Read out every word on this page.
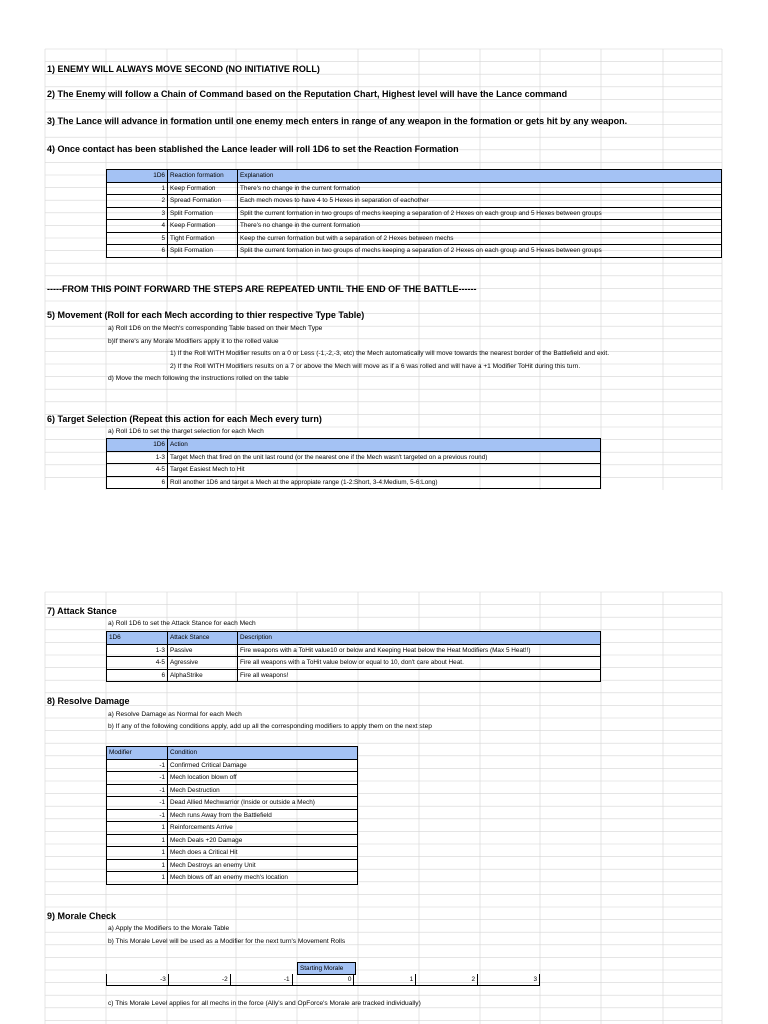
1) ENEMY WILL ALWAYS MOVE SECOND (NO INITIATIVE ROLL)
2) The Enemy will follow a Chain of Command based on the Reputation Chart, Highest level will have the Lance command
3) The Lance will advance in formation until one enemy mech enters in range of any weapon in the formation or gets hit by any weapon.
4) Once contact has been stablished the Lance leader will roll 1D6 to set the Reaction Formation
1D6	Reaction formation	Explanation
1	Keep Formation	There's no change in the current formation
2	Spread Formation	Each mech moves to have 4 to 5 Hexes in separation of eachother
3	Split Formation	Split the current formation in two groups of mechs keeping a separation of 2 Hexes on each group and 5 Hexes between groups
4	Keep Formation	There's no change in the current formation
5	Tight Formation	Keep the curren formation but with a separation of 2 Hexes between mechs
6	Split Formation	Split the current formation in two groups of mechs keeping a separation of 2 Hexes on each group and 5 Hexes between groups
-----FROM THIS POINT FORWARD THE STEPS ARE REPEATED UNTIL THE END OF THE BATTLE------
5) Movement (Roll for each Mech according to thier respective Type Table)
a) Roll 1D6 on the Mech's corresponding Table based on their Mech Type
b)If there's any Morale Modifiers apply it to the rolled value
1) If the Roll WITH Modifier results on a 0 or Less (-1,-2,-3, etc) the Mech automatically will move towards the nearest border of the Battlefield and exit.
2) If the Roll WITH Modifiers results on a 7 or above the Mech will move as if a 6 was rolled and will have a +1 Modifier ToHit during this turn.
d) Move the mech following the instructions rolled on the table
6) Target Selection (Repeat this action for each Mech every turn)
a) Roll 1D6 to set the tharget selection for each Mech
1D6	Action
1-3	Target Mech that fired on the unit last round (or the nearest one if the Mech wasn't targeted on a previous round)
4-5	Target Easiest Mech to Hit
6	Roll another 1D6 and target a Mech at the appropiate range (1-2:Short, 3-4:Medium, 5-6:Long)
7) Attack Stance
a) Roll 1D6 to set the Attack Stance for each Mech
1D6	Attack Stance	Description
1-3	Passive	Fire weapons with a ToHit value10 or below and Keeping Heat below the Heat Modifiers (Max 5 Heat!!)
4-5	Agressive	Fire all weapons with a ToHit value below or equal to 10, don't care about Heat.
6	AlphaStrike	Fire all weapons!
8) Resolve Damage
a) Resolve Damage as Normal for each Mech
b) If any of the following conditions apply, add up all the corresponding modifiers to apply them on the next step
Modifier	Condition
-1	Confirmed Critical Damage
-1	Mech location blown off
-1	Mech Destruction
-1	Dead Allied Mechwarrior (Inside or outside a Mech)
-1	Mech runs Away from the Battlefield
1	Reinforcements Arrive
1	Mech Deals +20 Damage
1	Mech does a Critical Hit
1	Mech Destroys an enemy Unit
1	Mech blows off an enemy mech's location
9) Morale Check
a) Apply the Modifiers to the Morale Table
b) This Morale Level will be used as a Modifier for the next turn's Movement Rolls
Starting Morale
-3	-2	-1	0	1	2	3
c) This Morale Level applies for all mechs in the force (Ally's and OpForce's Morale are tracked individually)
